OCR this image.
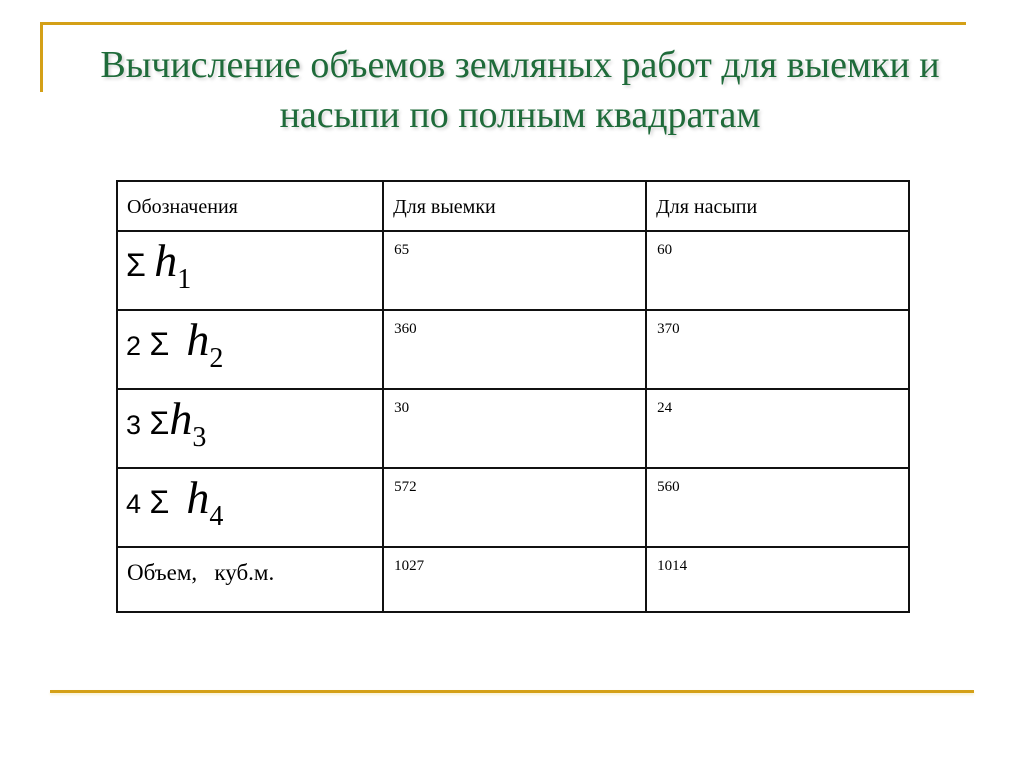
Вычисление объемов земляных работ для выемки и насыпи по полным квадратам
Обозначения	Для выемки	Для насыпи

Σ $h_1$	65	60

2 Σ $h_2$	360	370

3 $\Sigma h_3$	30	24

4 Σ $h_4$	572	560

Объем,   куб.м.	1027	1014
